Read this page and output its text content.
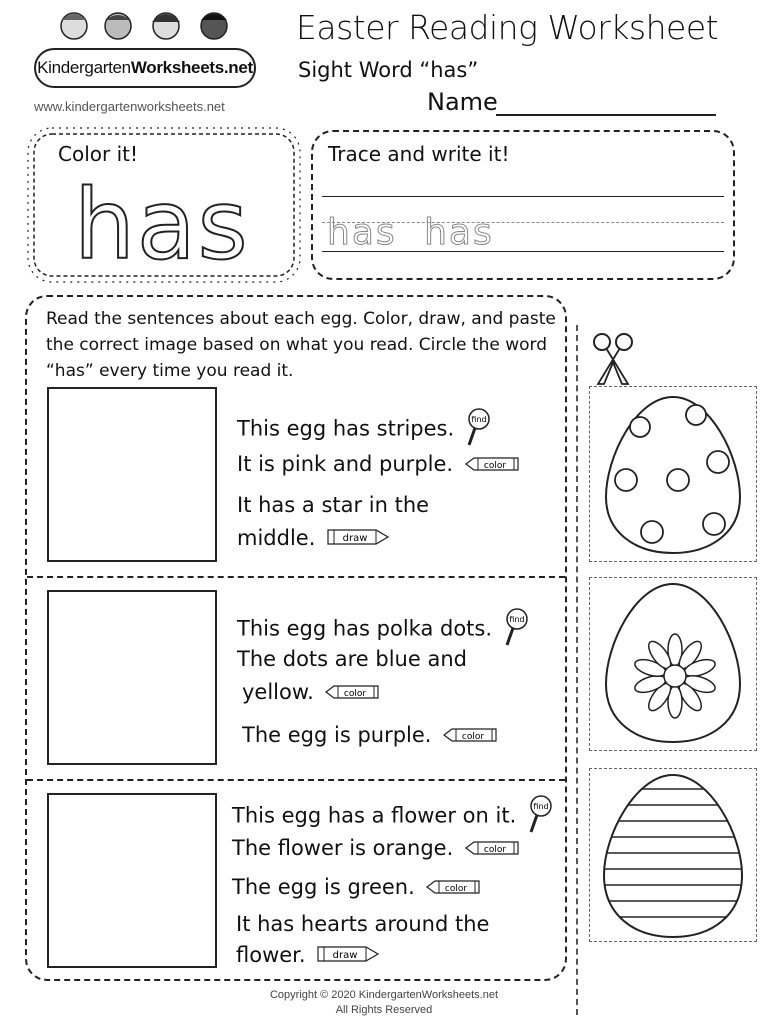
Kindergarten Worksheets.net
www.kindergartenworksheets.net
Easter Reading Worksheet
Sight Word “has”
Name
Color it!
has
Trace and write it!
has has
Read the sentences about each egg. Color, draw, and paste the correct image based on what you read. Circle the word “has” every time you read it.
This egg has stripes. find
It is pink and purple.	color
It has a star in the
middle.	draw
This egg has polka dots. find
The dots are blue and
yellow.	color
The egg is purple.	color
This egg has a flower on it. find
The flower is orange.	color
The egg is green.	color
It has hearts around the
flower.	draw
Copyright © 2020 KindergartenWorksheets.net
All Rights Reserved
